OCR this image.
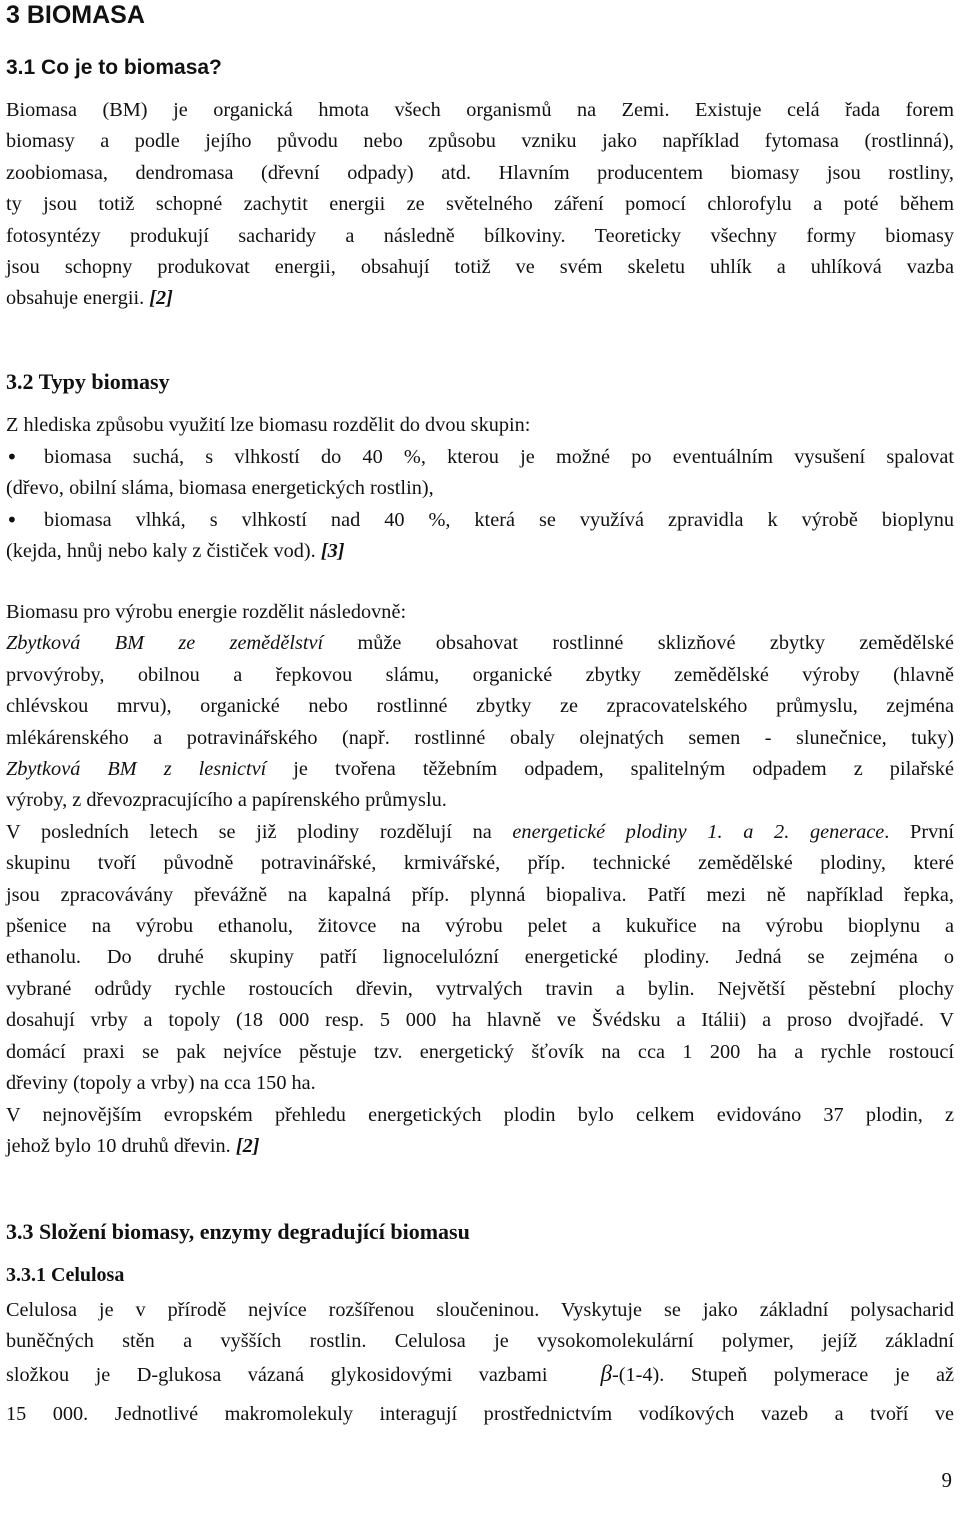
3 BIOMASA
3.1 Co je to biomasa?
Biomasa (BM) je organická hmota všech organismů na Zemi. Existuje celá řada forem
biomasy a podle jejího původu nebo způsobu vzniku jako například fytomasa (rostlinná),
zoobiomasa, dendromasa (dřevní odpady) atd. Hlavním producentem biomasy jsou rostliny,
ty jsou totiž schopné zachytit energii ze světelného záření pomocí chlorofylu a poté během
fotosyntézy produkují sacharidy a následně bílkoviny. Teoreticky všechny formy biomasy
jsou schopny produkovat energii, obsahují totiž ve svém skeletu uhlík a uhlíková vazba
obsahuje energii. [2]
3.2 Typy biomasy
Z hlediska způsobu využití lze biomasu rozdělit do dvou skupin:
• biomasa suchá, s vlhkostí do 40 %, kterou je možné po eventuálním vysušení spalovat
(dřevo, obilní sláma, biomasa energetických rostlin),
• biomasa vlhká, s vlhkostí nad 40 %, která se využívá zpravidla k výrobě bioplynu
(kejda, hnůj nebo kaly z čističek vod). [3]
Biomasu pro výrobu energie rozdělit následovně:
Zbytková BM ze zemědělství může obsahovat rostlinné sklizňové zbytky zemědělské
prvovýroby, obilnou a řepkovou slámu, organické zbytky zemědělské výroby (hlavně
chlévskou mrvu), organické nebo rostlinné zbytky ze zpracovatelského průmyslu, zejména
mlékárenského a potravinářského (např. rostlinné obaly olejnatých semen - slunečnice, tuky)
Zbytková BM z lesnictví je tvořena těžebním odpadem, spalitelným odpadem z pilařské
výroby, z dřevozpracujícího a papírenského průmyslu.
V posledních letech se již plodiny rozdělují na energetické plodiny 1. a 2. generace. První
skupinu tvoří původně potravinářské, krmivářské, příp. technické zemědělské plodiny, které
jsou zpracovávány převážně na kapalná příp. plynná biopaliva. Patří mezi ně například řepka,
pšenice na výrobu ethanolu, žitovce na výrobu pelet a kukuřice na výrobu bioplynu a
ethanolu. Do druhé skupiny patří lignocelulózní energetické plodiny. Jedná se zejména o
vybrané odrůdy rychle rostoucích dřevin, vytrvalých travin a bylin. Největší pěstební plochy
dosahují vrby a topoly (18 000 resp. 5 000 ha hlavně ve Švédsku a Itálii) a proso dvojřadé. V
domácí praxi se pak nejvíce pěstuje tzv. energetický šťovík na cca 1 200 ha a rychle rostoucí
dřeviny (topoly a vrby) na cca 150 ha.
V nejnovějším evropském přehledu energetických plodin bylo celkem evidováno 37 plodin, z
jehož bylo 10 druhů dřevin. [2]
3.3 Složení biomasy, enzymy degradující biomasu
3.3.1 Celulosa
Celulosa je v přírodě nejvíce rozšířenou sloučeninou. Vyskytuje se jako základní polysacharid
buněčných stěn a vyšších rostlin. Celulosa je vysokomolekulární polymer, jejíž základní
složkou je D-glukosa vázaná glykosidovými vazbami β-(1-4). Stupeň polymerace je až
15 000. Jednotlivé makromolekuly interagují prostřednictvím vodíkových vazeb a tvoří ve
9
